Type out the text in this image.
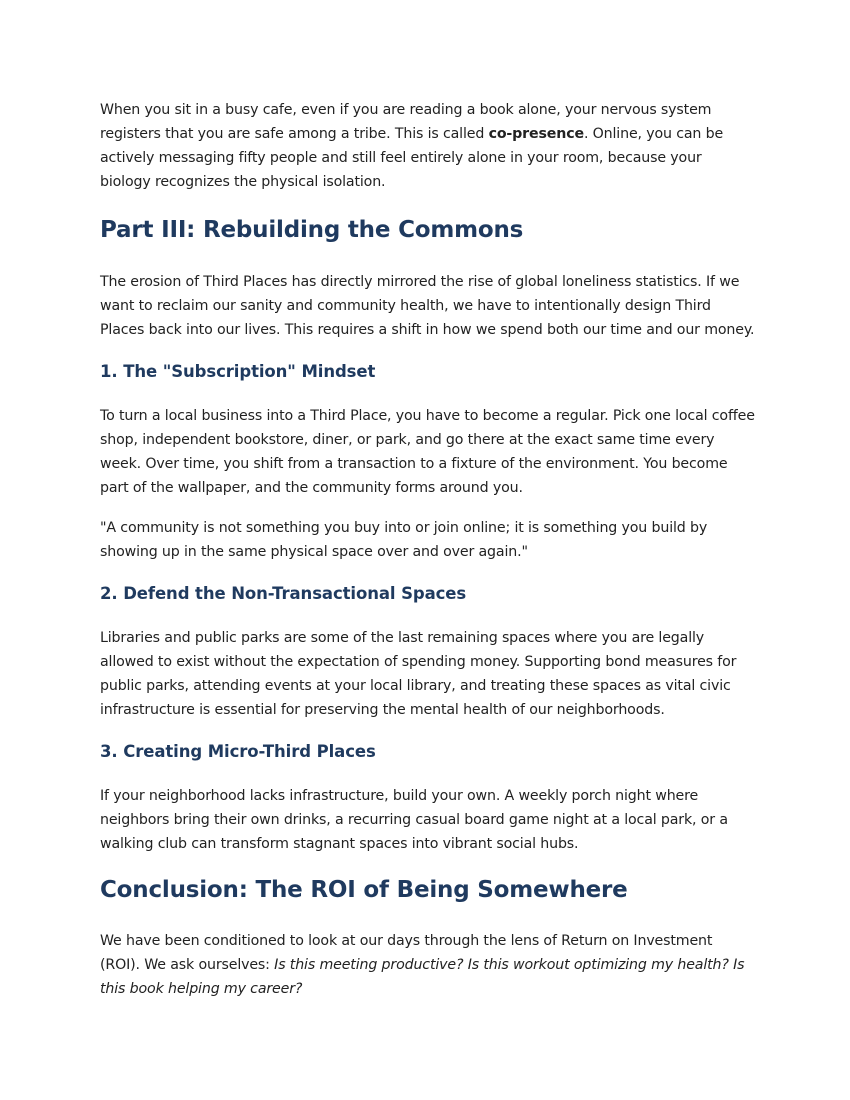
When you sit in a busy cafe, even if you are reading a book alone, your nervous system registers that you are safe among a tribe. This is called co-presence. Online, you can be actively messaging fifty people and still feel entirely alone in your room, because your biology recognizes the physical isolation.

Part III: Rebuilding the Commons

The erosion of Third Places has directly mirrored the rise of global loneliness statistics. If we want to reclaim our sanity and community health, we have to intentionally design Third Places back into our lives. This requires a shift in how we spend both our time and our money.

1. The "Subscription" Mindset

To turn a local business into a Third Place, you have to become a regular. Pick one local coffee shop, independent bookstore, diner, or park, and go there at the exact same time every week. Over time, you shift from a transaction to a fixture of the environment. You become part of the wallpaper, and the community forms around you.

"A community is not something you buy into or join online; it is something you build by showing up in the same physical space over and over again."

2. Defend the Non-Transactional Spaces

Libraries and public parks are some of the last remaining spaces where you are legally allowed to exist without the expectation of spending money. Supporting bond measures for public parks, attending events at your local library, and treating these spaces as vital civic infrastructure is essential for preserving the mental health of our neighborhoods.

3. Creating Micro-Third Places

If your neighborhood lacks infrastructure, build your own. A weekly porch night where neighbors bring their own drinks, a recurring casual board game night at a local park, or a walking club can transform stagnant spaces into vibrant social hubs.

Conclusion: The ROI of Being Somewhere

We have been conditioned to look at our days through the lens of Return on Investment (ROI). We ask ourselves: Is this meeting productive? Is this workout optimizing my health? Is this book helping my career?
